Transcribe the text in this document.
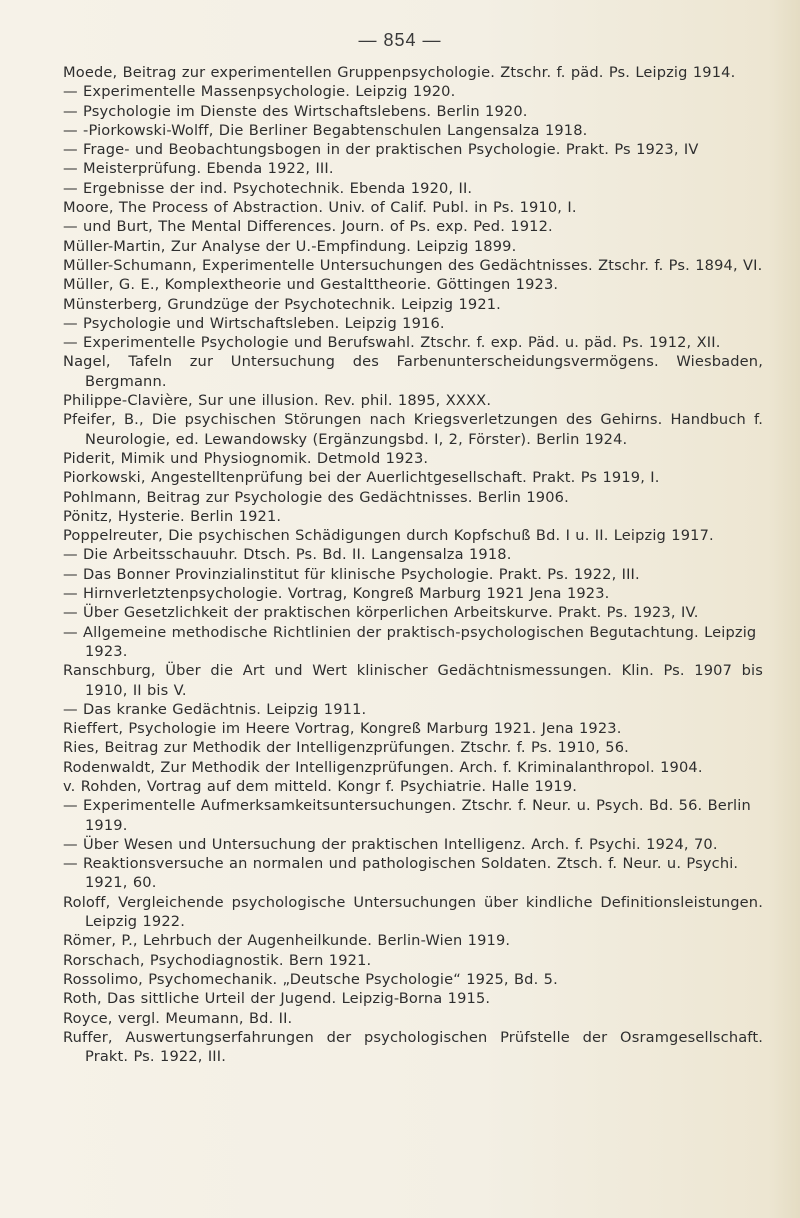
— 854 —
Moede, Beitrag zur experimentellen Gruppenpsychologie. Ztschr. f. päd. Ps. Leipzig 1914.
— Experimentelle Massenpsychologie. Leipzig 1920.
— Psychologie im Dienste des Wirtschaftslebens. Berlin 1920.
— -Piorkowski-Wolff, Die Berliner Begabtenschulen Langensalza 1918.
— Frage- und Beobachtungsbogen in der praktischen Psychologie. Prakt. Ps 1923, IV
— Meisterprüfung. Ebenda 1922, III.
— Ergebnisse der ind. Psychotechnik. Ebenda 1920, II.
Moore, The Process of Abstraction. Univ. of Calif. Publ. in Ps. 1910, I.
— und Burt, The Mental Differences. Journ. of Ps. exp. Ped. 1912.
Müller-Martin, Zur Analyse der U.-Empfindung. Leipzig 1899.
Müller-Schumann, Experimentelle Untersuchungen des Gedächtnisses. Ztschr. f. Ps. 1894, VI.
Müller, G. E., Komplextheorie und Gestalttheorie. Göttingen 1923.
Münsterberg, Grundzüge der Psychotechnik. Leipzig 1921.
— Psychologie und Wirtschaftsleben. Leipzig 1916.
— Experimentelle Psychologie und Berufswahl. Ztschr. f. exp. Päd. u. päd. Ps. 1912, XII.
Nagel, Tafeln zur Untersuchung des Farbenunterscheidungsvermögens. Wiesbaden, Bergmann.
Philippe-Clavière, Sur une illusion. Rev. phil. 1895, XXXX.
Pfeifer, B., Die psychischen Störungen nach Kriegsverletzungen des Gehirns. Handbuch f. Neurologie, ed. Lewandowsky (Ergänzungsbd. I, 2, Förster). Berlin 1924.
Piderit, Mimik und Physiognomik. Detmold 1923.
Piorkowski, Angestelltenprüfung bei der Auerlichtgesellschaft. Prakt. Ps 1919, I.
Pohlmann, Beitrag zur Psychologie des Gedächtnisses. Berlin 1906.
Pönitz, Hysterie. Berlin 1921.
Poppelreuter, Die psychischen Schädigungen durch Kopfschuß Bd. I u. II. Leipzig 1917.
— Die Arbeitsschauuhr. Dtsch. Ps. Bd. II. Langensalza 1918.
— Das Bonner Provinzialinstitut für klinische Psychologie. Prakt. Ps. 1922, III.
— Hirnverletztenpsychologie. Vortrag, Kongreß Marburg 1921 Jena 1923.
— Über Gesetzlichkeit der praktischen körperlichen Arbeitskurve. Prakt. Ps. 1923, IV.
— Allgemeine methodische Richtlinien der praktisch-psychologischen Begutachtung. Leipzig 1923.
Ranschburg, Über die Art und Wert klinischer Gedächtnismessungen. Klin. Ps. 1907 bis 1910, II bis V.
— Das kranke Gedächtnis. Leipzig 1911.
Rieffert, Psychologie im Heere Vortrag, Kongreß Marburg 1921. Jena 1923.
Ries, Beitrag zur Methodik der Intelligenzprüfungen. Ztschr. f. Ps. 1910, 56.
Rodenwaldt, Zur Methodik der Intelligenzprüfungen. Arch. f. Kriminalanthropol. 1904.
v. Rohden, Vortrag auf dem mitteld. Kongr f. Psychiatrie. Halle 1919.
— Experimentelle Aufmerksamkeitsuntersuchungen. Ztschr. f. Neur. u. Psych. Bd. 56. Berlin 1919.
— Über Wesen und Untersuchung der praktischen Intelligenz. Arch. f. Psychi. 1924, 70.
— Reaktionsversuche an normalen und pathologischen Soldaten. Ztsch. f. Neur. u. Psychi. 1921, 60.
Roloff, Vergleichende psychologische Untersuchungen über kindliche Definitionsleistungen. Leipzig 1922.
Römer, P., Lehrbuch der Augenheilkunde. Berlin-Wien 1919.
Rorschach, Psychodiagnostik. Bern 1921.
Rossolimo, Psychomechanik. „Deutsche Psychologie“ 1925, Bd. 5.
Roth, Das sittliche Urteil der Jugend. Leipzig-Borna 1915.
Royce, vergl. Meumann, Bd. II.
Ruffer, Auswertungserfahrungen der psychologischen Prüfstelle der Osramgesellschaft. Prakt. Ps. 1922, III.
